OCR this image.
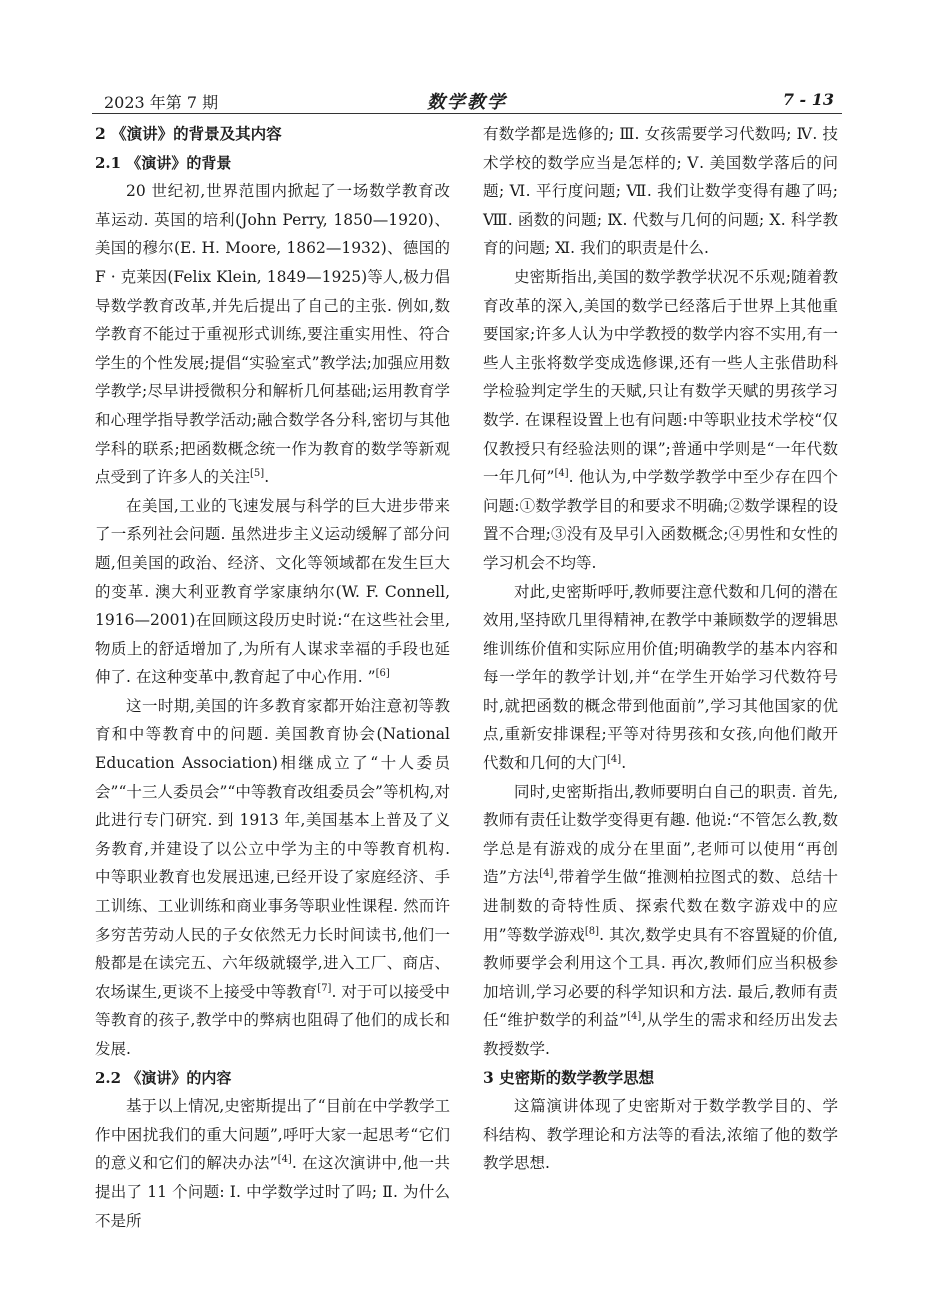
2023 年第 7 期	数学教学	7 - 13
2 《演讲》的背景及其内容
2.1 《演讲》的背景

20 世纪初,世界范围内掀起了一场数学教育改革运动. 英国的培利(John Perry, 1850—1920)、美国的穆尔(E. H. Moore, 1862—1932)、德国的 F · 克莱因(Felix Klein, 1849—1925)等人,极力倡导数学教育改革,并先后提出了自己的主张. 例如,数学教育不能过于重视形式训练,要注重实用性、符合学生的个性发展;提倡“实验室式”教学法;加强应用数学教学;尽早讲授微积分和解析几何基础;运用教育学和心理学指导教学活动;融合数学各分科,密切与其他学科的联系;把函数概念统一作为教育的数学等新观点受到了许多人的关注[5].

在美国,工业的飞速发展与科学的巨大进步带来了一系列社会问题. 虽然进步主义运动缓解了部分问题,但美国的政治、经济、文化等领域都在发生巨大的变革. 澳大利亚教育学家康纳尔(W. F. Connell, 1916—2001)在回顾这段历史时说:“在这些社会里,物质上的舒适增加了,为所有人谋求幸福的手段也延伸了. 在这种变革中,教育起了中心作用. ”[6]

这一时期,美国的许多教育家都开始注意初等教育和中等教育中的问题. 美国教育协会(National Education Association)相继成立了“十人委员会”“十三人委员会”“中等教育改组委员会”等机构,对此进行专门研究. 到 1913 年,美国基本上普及了义务教育,并建设了以公立中学为主的中等教育机构. 中等职业教育也发展迅速,已经开设了家庭经济、手工训练、工业训练和商业事务等职业性课程. 然而许多穷苦劳动人民的子女依然无力长时间读书,他们一般都是在读完五、六年级就辍学,进入工厂、商店、农场谋生,更谈不上接受中等教育[7]. 对于可以接受中等教育的孩子,教学中的弊病也阻碍了他们的成长和发展.

2.2 《演讲》的内容

基于以上情况,史密斯提出了“目前在中学教学工作中困扰我们的重大问题”,呼吁大家一起思考“它们的意义和它们的解决办法”[4]. 在这次演讲中,他一共提出了 11 个问题: Ⅰ. 中学数学过时了吗; Ⅱ. 为什么不是所

有数学都是选修的; Ⅲ. 女孩需要学习代数吗; Ⅳ. 技术学校的数学应当是怎样的; Ⅴ. 美国数学落后的问题; Ⅵ. 平行度问题; Ⅶ. 我们让数学变得有趣了吗; Ⅷ. 函数的问题; Ⅸ. 代数与几何的问题; Ⅹ. 科学教育的问题; Ⅺ. 我们的职责是什么.

史密斯指出,美国的数学教学状况不乐观;随着教育改革的深入,美国的数学已经落后于世界上其他重要国家;许多人认为中学教授的数学内容不实用,有一些人主张将数学变成选修课,还有一些人主张借助科学检验判定学生的天赋,只让有数学天赋的男孩学习数学. 在课程设置上也有问题:中等职业技术学校“仅仅教授只有经验法则的课”;普通中学则是“一年代数一年几何”[4]. 他认为,中学数学教学中至少存在四个问题:①数学教学目的和要求不明确;②数学课程的设置不合理;③没有及早引入函数概念;④男性和女性的学习机会不均等.

对此,史密斯呼吁,教师要注意代数和几何的潜在效用,坚持欧几里得精神,在教学中兼顾数学的逻辑思维训练价值和实际应用价值;明确教学的基本内容和每一学年的教学计划,并“在学生开始学习代数符号时,就把函数的概念带到他面前”,学习其他国家的优点,重新安排课程;平等对待男孩和女孩,向他们敞开代数和几何的大门[4].

同时,史密斯指出,教师要明白自己的职责. 首先,教师有责任让数学变得更有趣. 他说:“不管怎么教,数学总是有游戏的成分在里面”,老师可以使用“再创造”方法[4],带着学生做“推测柏拉图式的数、总结十进制数的奇特性质、探索代数在数字游戏中的应用”等数学游戏[8]. 其次,数学史具有不容置疑的价值,教师要学会利用这个工具. 再次,教师们应当积极参加培训,学习必要的科学知识和方法. 最后,教师有责任“维护数学的利益”[4],从学生的需求和经历出发去教授数学.

3 史密斯的数学教学思想

这篇演讲体现了史密斯对于数学教学目的、学科结构、教学理论和方法等的看法,浓缩了他的数学教学思想.
